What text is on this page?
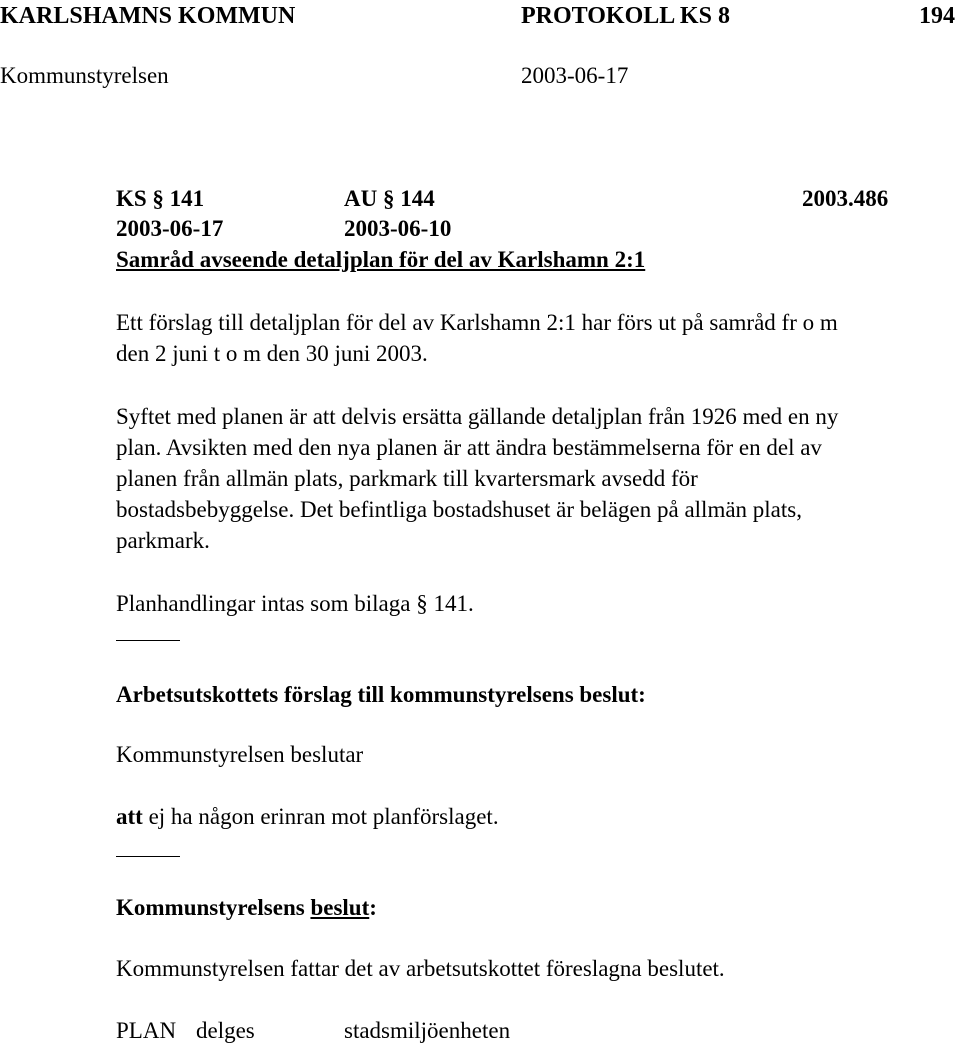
KARLSHAMNS KOMMUN	PROTOKOLL KS 8	194
Kommunstyrelsen	2003-06-17
KS § 141	AU § 144	2003.486
2003-06-17	2003-06-10
Samråd avseende detaljplan för del av Karlshamn 2:1
Ett förslag till detaljplan för del av Karlshamn 2:1 har förs ut på samråd fr o m
den 2 juni t o m den 30 juni 2003.
Syftet med planen är att delvis ersätta gällande detaljplan från 1926 med en ny
plan. Avsikten med den nya planen är att ändra bestämmelserna för en del av
planen från allmän plats, parkmark till kvartersmark avsedd för
bostadsbebyggelse. Det befintliga bostadshuset är belägen på allmän plats,
parkmark.
Planhandlingar intas som bilaga § 141.
Arbetsutskottets förslag till kommunstyrelsens beslut:
Kommunstyrelsen beslutar
att ej ha någon erinran mot planförslaget.
Kommunstyrelsens beslut:
Kommunstyrelsen fattar det av arbetsutskottet föreslagna beslutet.
PLAN delges	stadsmiljöenheten
